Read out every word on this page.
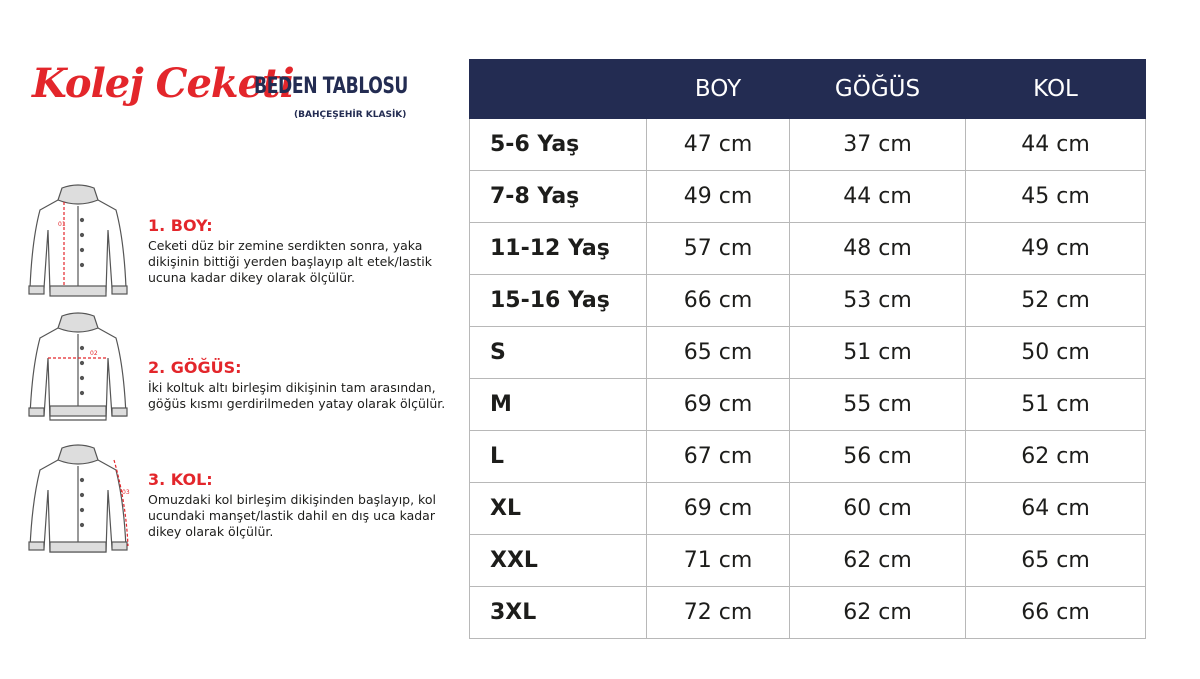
Kolej Ceketi
BEDEN TABLOSU
(BAHÇEŞEHİR KLASİK)
01	1. BOY:
Ceketi düz bir zemine serdikten sonra, yaka dikişinin bittiği yerden başlayıp alt etek/lastik ucuna kadar dikey olarak ölçülür.
02
2. GÖĞÜS:
İki koltuk altı birleşim dikişinin tam arasından, göğüs kısmı gerdirilmeden yatay olarak ölçülür.
03
3. KOL:
Omuzdaki kol birleşim dikişinden başlayıp, kol ucundaki manşet/lastik dahil en dış uca kadar dikey olarak ölçülür.
	BOY	GÖĞÜS	KOL
5-6 Yaş	47 cm	37 cm	44 cm
7-8 Yaş	49 cm	44 cm	45 cm
11-12 Yaş	57 cm	48 cm	49 cm
15-16 Yaş	66 cm	53 cm	52 cm
S	65 cm	51 cm	50 cm
M	69 cm	55 cm	51 cm
L	67 cm	56 cm	62 cm
XL	69 cm	60 cm	64 cm
XXL	71 cm	62 cm	65 cm
3XL	72 cm	62 cm	66 cm
